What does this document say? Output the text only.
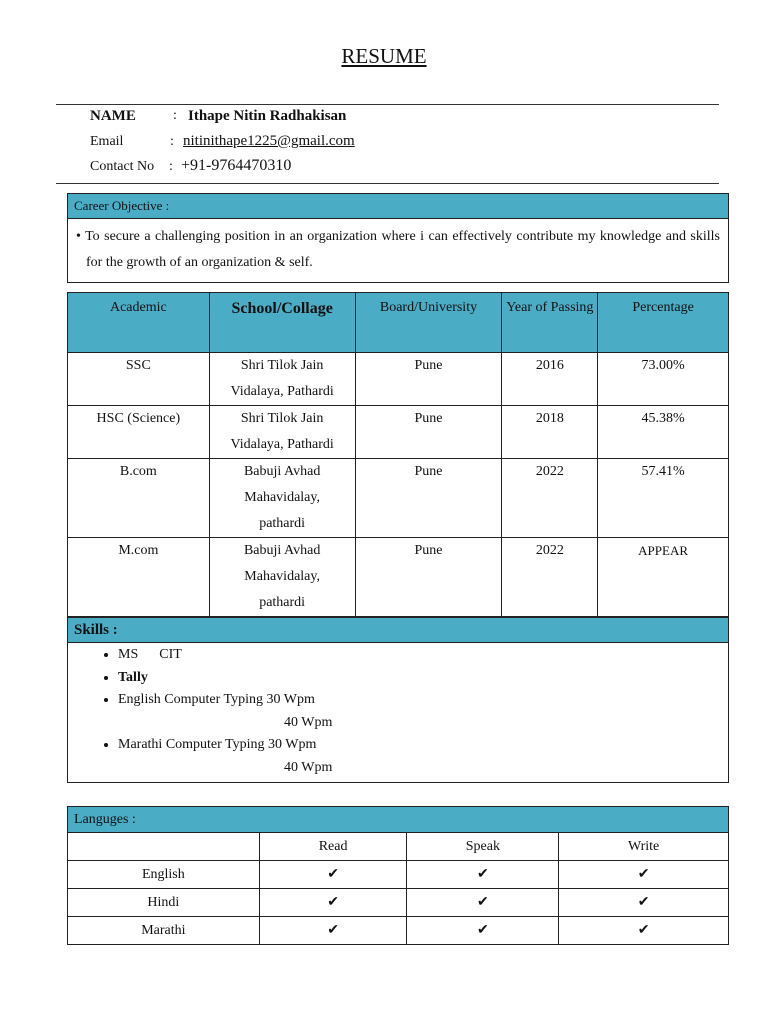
RESUME
NAME	: Ithape Nitin Radhakisan
Email	: nitinithape1225@gmail.com
Contact No : +91-9764470310
Career Objective :
• To secure a challenging position in an organization where i can effectively contribute my knowledge and skills for the growth of an organization & self.
Academic	School/Collage	Board/University	Year of Passing	Percentage
SSC	Shri Tilok Jain Vidalaya, Pathardi	Pune	2016	73.00%
HSC (Science)	Shri Tilok Jain Vidalaya, Pathardi	Pune	2018	45.38%
B.com	Babuji Avhad Mahavidalay, pathardi	Pune	2022	57.41%
M.com	Babuji Avhad Mahavidalay, pathardi	Pune	2022	APPEAR
Skills :

• MS      CIT
• Tally
• English Computer Typing 30 Wpm
40 Wpm
• Marathi Computer Typing 30 Wpm
40 Wpm
Languges :			
	Read	Speak	Write
English	✔	✔	✔
Hindi	✔	✔	✔
Marathi	✔	✔	✔
